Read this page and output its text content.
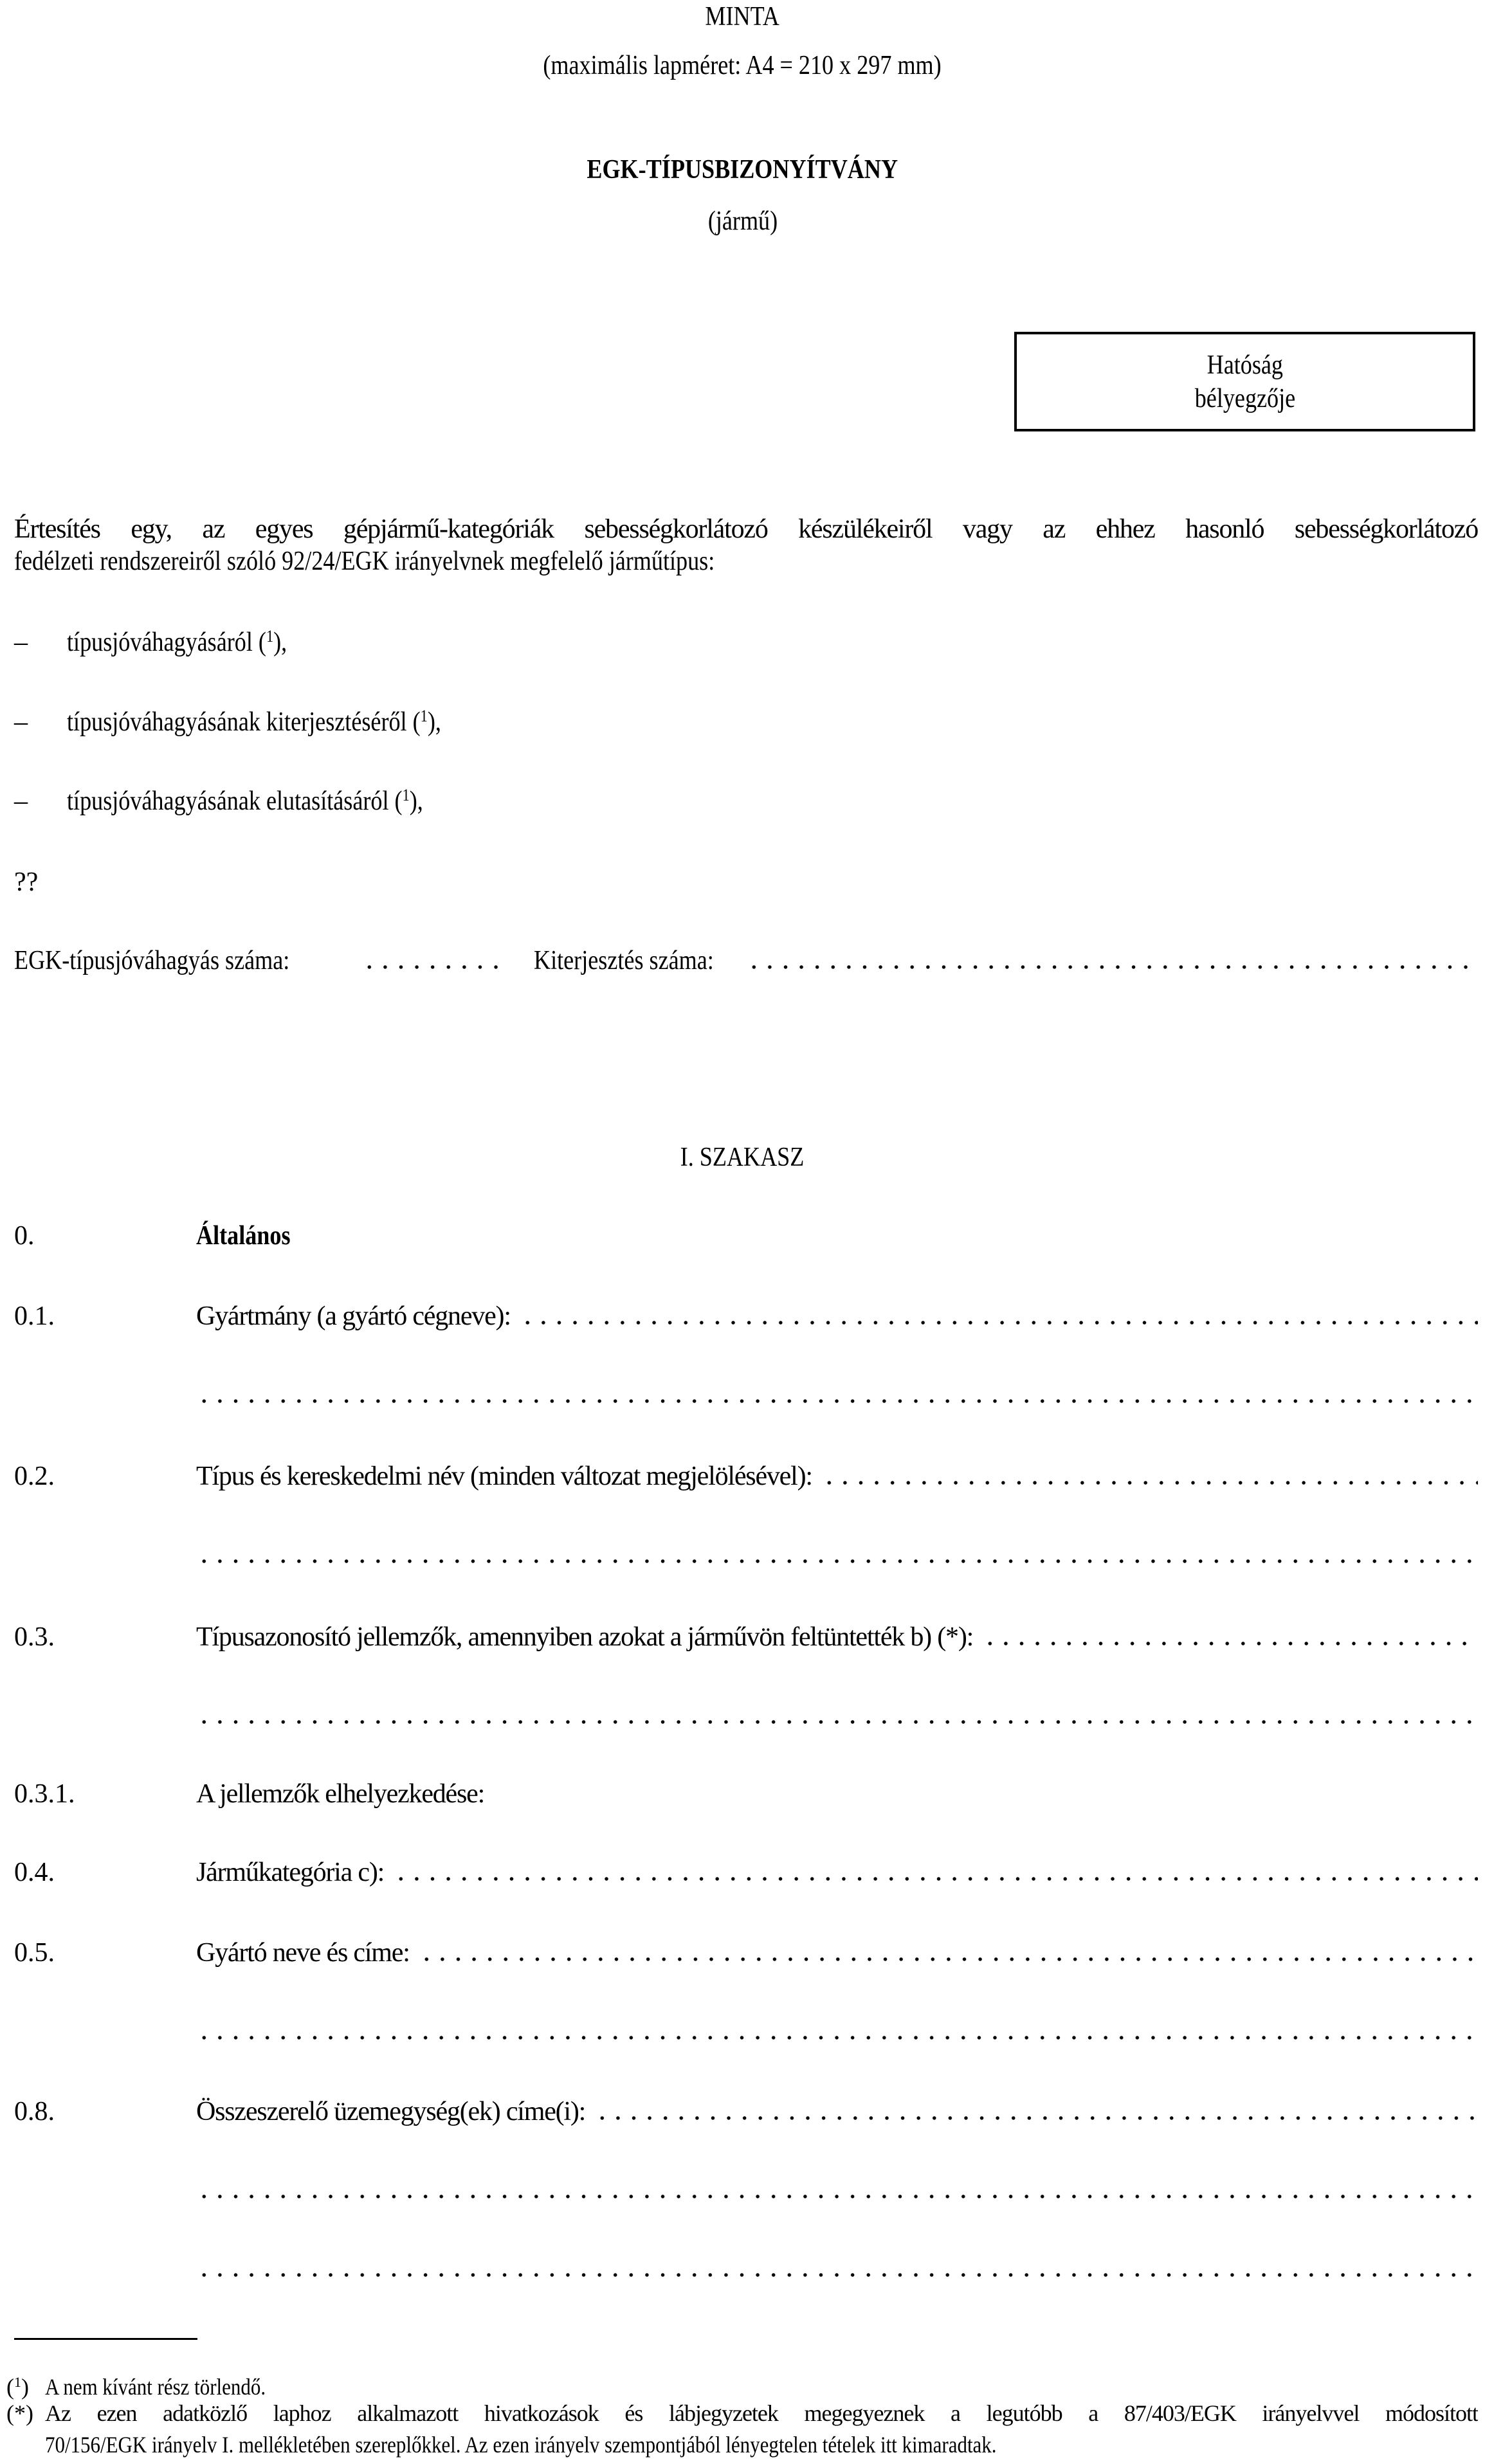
MINTA
(maximális lapméret: A4 = 210 x 297 mm)
EGK-TÍPUSBIZONYÍTVÁNY
(jármű)
Hatóság
bélyegzője
Értesítés egy, az egyes gépjármű-kategóriák sebességkorlátozó készülékeiről vagy az ehhez hasonló sebességkorlátozó
fedélzeti rendszereiről szóló 92/24/EGK irányelvnek megfelelő járműtípus:
–	típusjóváhagyásáról ($^1$),
–	típusjóváhagyásának kiterjesztéséről ($^1$),
–	típusjóváhagyásának elutasításáról ($^1$),
??
EGK-típusjóváhagyás száma:	Kiterjesztés száma:
I. SZAKASZ
0.	Általános
0.1.	Gyártmány (a gyártó cégneve):
0.2.	Típus és kereskedelmi név (minden változat megjelölésével):
0.3.	Típusazonosító jellemzők, amennyiben azokat a járművön feltüntették b) (*):
0.3.1.	A jellemzők elhelyezkedése:
0.4.	Járműkategória c):
0.5.	Gyártó neve és címe:
0.8.	Összeszerelő üzemegység(ek) címe(i):
($^1$) A nem kívánt rész törlendő.
(*) Az ezen adatközlő laphoz alkalmazott hivatkozások és lábjegyzetek megegyeznek a legutóbb a 87/403/EGK irányelvvel módosított
70/156/EGK irányelv I. mellékletében szereplőkkel. Az ezen irányelv szempontjából lényegtelen tételek itt kimaradtak.
